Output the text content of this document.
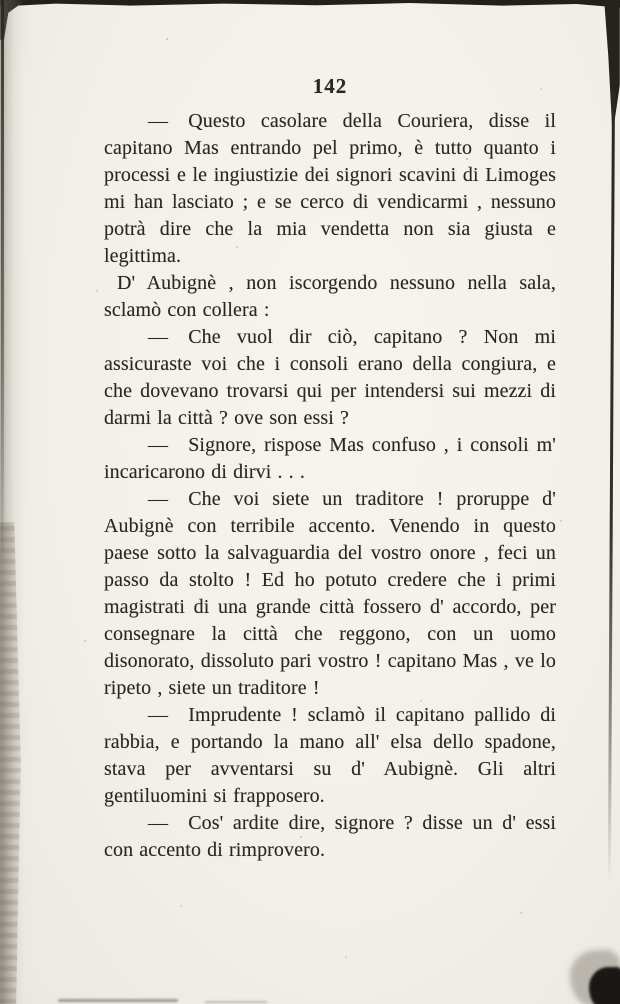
142

— Questo casolare della Couriera, disse il capitano Mas entrando pel primo, è tutto quanto i processi e le ingiustizie dei signori scavini di Limoges mi han lasciato ; e se cerco di vendicarmi , nessuno potrà dire che la mia vendetta non sia giusta e legittima.

D' Aubignè , non iscorgendo nessuno nella sala, sclamò con collera :

— Che vuol dir ciò, capitano ? Non mi assicuraste voi che i consoli erano della congiura, e che dovevano trovarsi qui per intendersi sui mezzi di darmi la città ? ove son essi ?

— Signore, rispose Mas confuso , i consoli m' incaricarono di dirvi . . .

— Che voi siete un traditore ! proruppe d' Aubignè con terribile accento. Venendo in questo paese sotto la salvaguardia del vostro onore , feci un passo da stolto ! Ed ho potuto credere che i primi magistrati di una grande città fossero d' accordo, per consegnare la città che reggono, con un uomo disonorato, dissoluto pari vostro ! capitano Mas , ve lo ripeto , siete un traditore !

— Imprudente ! sclamò il capitano pallido di rabbia, e portando la mano all' elsa dello spadone, stava per avventarsi su d' Aubignè. Gli altri gentiluomini si frapposero.

— Cos' ardite dire, signore ? disse un d' essi con accento di rimprovero.
